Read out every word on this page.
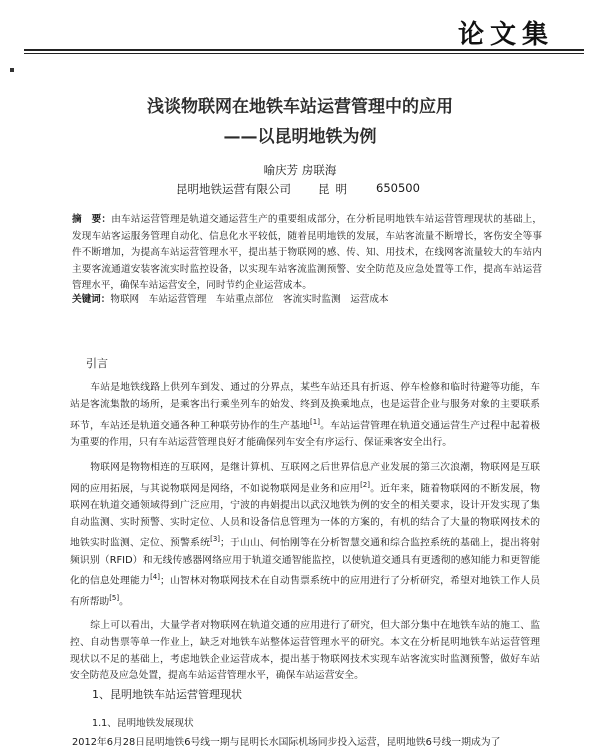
论文集
浅谈物联网在地铁车站运营管理中的应用
——以昆明地铁为例
喻庆芳 房联海
昆明地铁运营有限公司 昆明 650500
摘　要：由车站运营管理是轨道交通运营生产的重要组成部分，在分析昆明地铁车站运营管理现状的基础上，发现车站客运服务管理自动化、信息化水平较低，随着昆明地铁的发展，车站客流量不断增长，客伤安全等事件不断增加，为提高车站运营管理水平，提出基于物联网的感、传、知、用技术，在线网客流量较大的车站内主要客流通道安装客流实时监控设备，以实现车站客流监测预警、安全防范及应急处置等工作，提高车站运营管理水平，确保车站运营安全，同时节约企业运营成本。
关键词：物联网　车站运营管理　车站重点部位　客流实时监测　运营成本
引言
车站是地铁线路上供列车到发、通过的分界点，某些车站还具有折返、停车检修和临时待避等功能，车站是客流集散的场所，是乘客出行乘坐列车的始发、终到及换乘地点，也是运营企业与服务对象的主要联系环节，车站还是轨道交通各种工种联劳协作的生产基地[1]。车站运营管理在轨道交通运营生产过程中起着极为重要的作用，只有车站运营管理良好才能确保列车安全有序运行、保证乘客安全出行。
物联网是物物相连的互联网，是继计算机、互联网之后世界信息产业发展的第三次浪潮，物联网是互联网的应用拓展，与其说物联网是网络，不如说物联网是业务和应用[2]。近年来，随着物联网的不断发展，物联网在轨道交通领域得到广泛应用，宁波的冉娟提出以武汉地铁为例的安全的相关要求，设计开发实现了集自动监测、实时预警、实时定位、人员和设备信息管理为一体的方案的，有机的结合了大量的物联网技术的地铁实时监测、定位、预警系统[3]；于山山、何怡刚等在分析智慧交通和综合监控系统的基础上，提出将射频识别（RFID）和无线传感器网络应用于轨道交通智能监控，以使轨道交通具有更透彻的感知能力和更智能化的信息处理能力[4]；山智林对物联网技术在自动售票系统中的应用进行了分析研究，希望对地铁工作人员有所帮助[5]。
综上可以看出，大量学者对物联网在轨道交通的应用进行了研究，但大部分集中在地铁车站的施工、监控、自动售票等单一作业上，缺乏对地铁车站整体运营管理水平的研究。本文在分析昆明地铁车站运营管理现状以不足的基础上，考虑地铁企业运营成本，提出基于物联网技术实现车站客流实时监测预警，做好车站安全防范及应急处置，提高车站运营管理水平，确保车站运营安全。
1、昆明地铁车站运营管理现状
1.1、昆明地铁发展现状
2012年6月28日昆明地铁6号线一期与昆明长水国际机场同步投入运营，昆明地铁6号线一期成为了
